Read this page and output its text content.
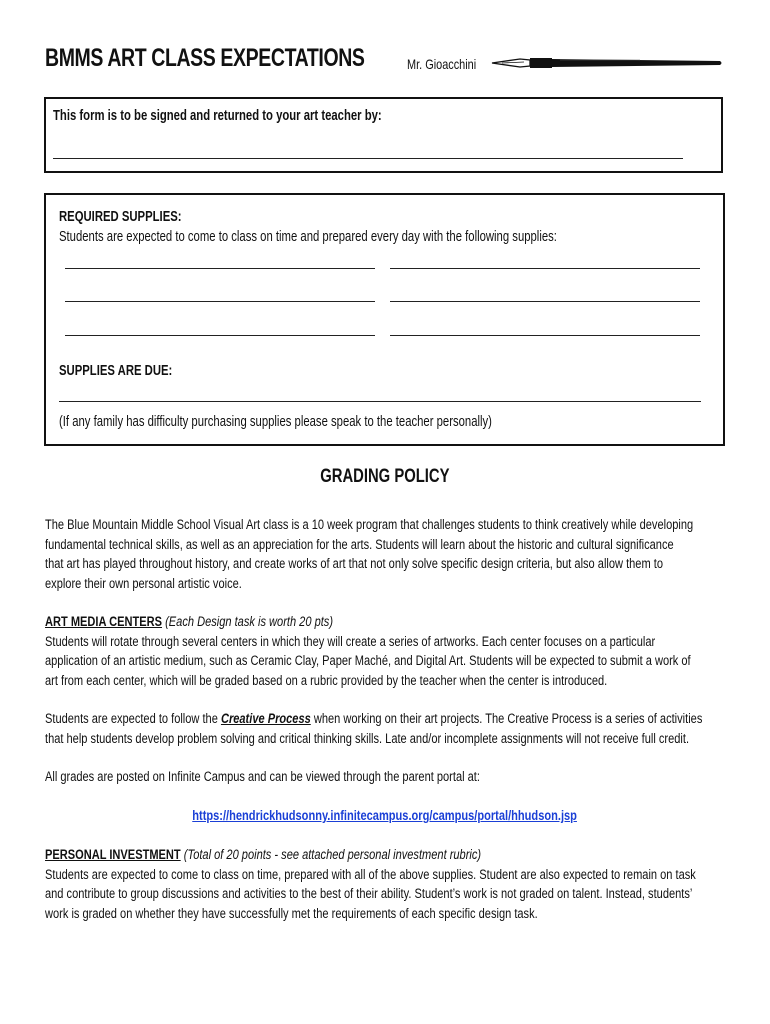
BMMS ART CLASS EXPECTATIONS	Mr. Gioacchini
This form is to be signed and returned to your art teacher by:
REQUIRED SUPPLIES:
Students are expected to come to class on time and prepared every day with the following supplies:
SUPPLIES ARE DUE:
(If any family has difficulty purchasing supplies please speak to the teacher personally)
GRADING POLICY
The Blue Mountain Middle School Visual Art class is a 10 week program that challenges students to think creatively while developing
fundamental technical skills, as well as an appreciation for the arts. Students will learn about the historic and cultural significance
that art has played throughout history, and create works of art that not only solve specific design criteria, but also allow them to
explore their own personal artistic voice.
ART MEDIA CENTERS (Each Design task is worth 20 pts)
Students will rotate through several centers in which they will create a series of artworks. Each center focuses on a particular
application of an artistic medium, such as Ceramic Clay, Paper Maché, and Digital Art. Students will be expected to submit a work of
art from each center, which will be graded based on a rubric provided by the teacher when the center is introduced.
Students are expected to follow the Creative Process when working on their art projects. The Creative Process is a series of activities
that help students develop problem solving and critical thinking skills. Late and/or incomplete assignments will not receive full credit.
All grades are posted on Infinite Campus and can be viewed through the parent portal at:
https://hendrickhudsonny.infinitecampus.org/campus/portal/hhudson.jsp
PERSONAL INVESTMENT (Total of 20 points - see attached personal investment rubric)
Students are expected to come to class on time, prepared with all of the above supplies. Student are also expected to remain on task
and contribute to group discussions and activities to the best of their ability. Student’s work is not graded on talent. Instead, students’
work is graded on whether they have successfully met the requirements of each specific design task.
